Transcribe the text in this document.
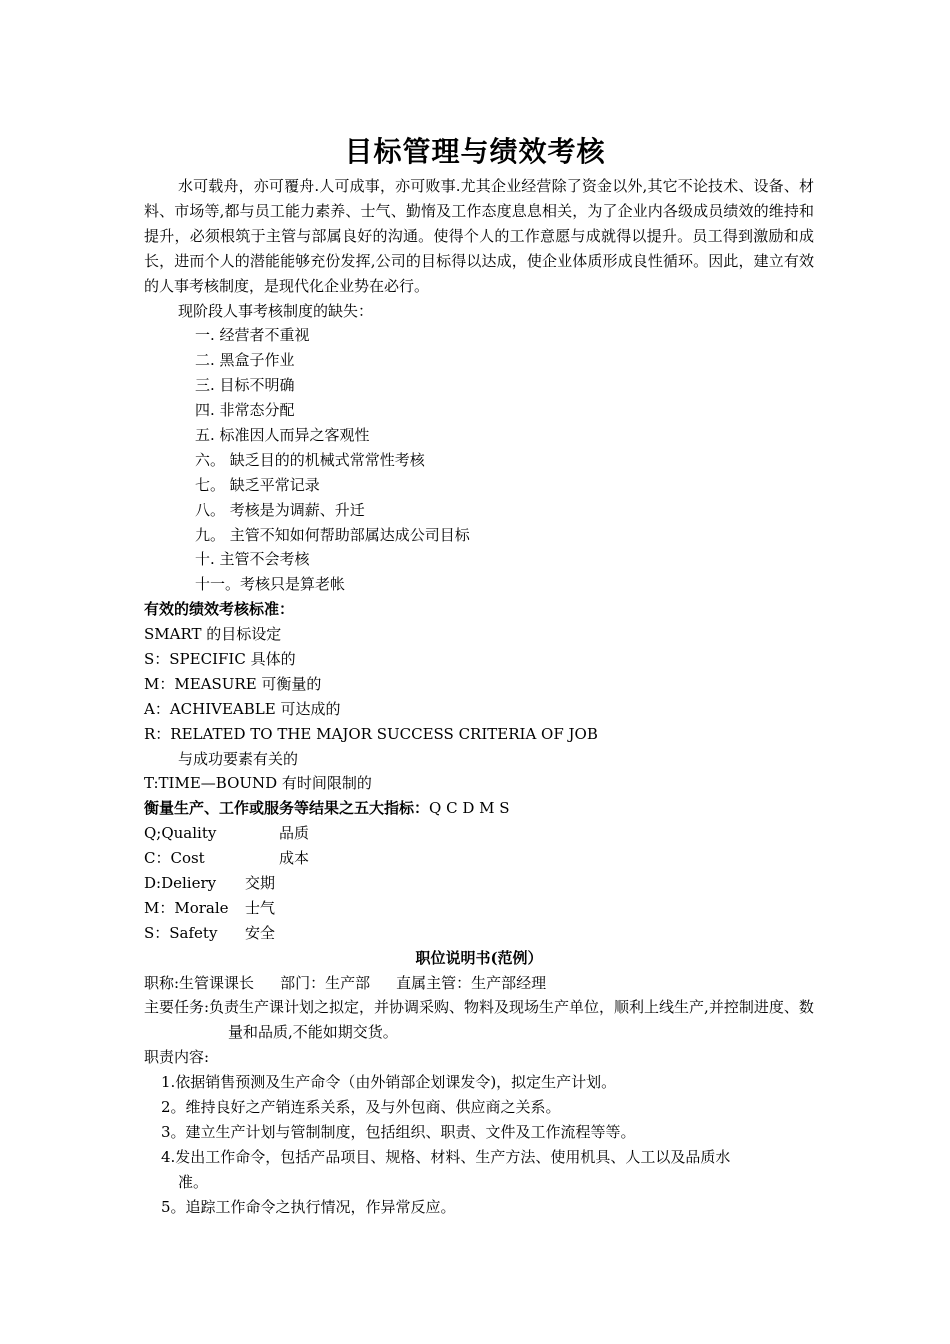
目标管理与绩效考核
水可载舟，亦可覆舟.人可成事，亦可败事.尤其企业经营除了资金以外,其它不论技术、设备、材料、市场等,都与员工能力素养、士气、勤惰及工作态度息息相关，为了企业内各级成员绩效的维持和提升，必须根筑于主管与部属良好的沟通。使得个人的工作意愿与成就得以提升。员工得到激励和成长，进而个人的潜能能够充份发挥,公司的目标得以达成，使企业体质形成良性循环。因此，建立有效的人事考核制度，是现代化企业势在必行。
现阶段人事考核制度的缺失：
一. 经营者不重视
二. 黑盒子作业
三. 目标不明确
四. 非常态分配
五. 标准因人而异之客观性
六。 缺乏目的的机械式常常性考核
七。 缺乏平常记录
八。 考核是为调薪、升迁
九。 主管不知如何帮助部属达成公司目标
十. 主管不会考核
十一。考核只是算老帐
有效的绩效考核标准：
SMART 的目标设定
S：SPECIFIC 具体的
M：MEASURE 可衡量的
A：ACHIVEABLE 可达成的
R：RELATED TO THE MAJOR SUCCESS CRITERIA OF JOB
与成功要素有关的
T:TIME—BOUND 有时间限制的
衡量生产、工作或服务等结果之五大指标：Q C D M S
Q;Quality	品质
C：Cost	成本
D:Deliery 交期
M：Morale 士气
S：Safety 安全
职位说明书(范例）
职称:生管课课长 部门：生产部 直属主管：生产部经理
主要任务:负责生产课计划之拟定，并协调采购、物料及现场生产单位，顺利上线生产,并控制进度、数量和品质,不能如期交货。
职责内容:
1.依据销售预测及生产命令（由外销部企划课发令)，拟定生产计划。
2。维持良好之产销连系关系，及与外包商、供应商之关系。
3。建立生产计划与管制制度，包括组织、职责、文件及工作流程等等。
4.发出工作命令，包括产品项目、规格、材料、生产方法、使用机具、人工以及品质水
准。
5。追踪工作命令之执行情况，作异常反应。
